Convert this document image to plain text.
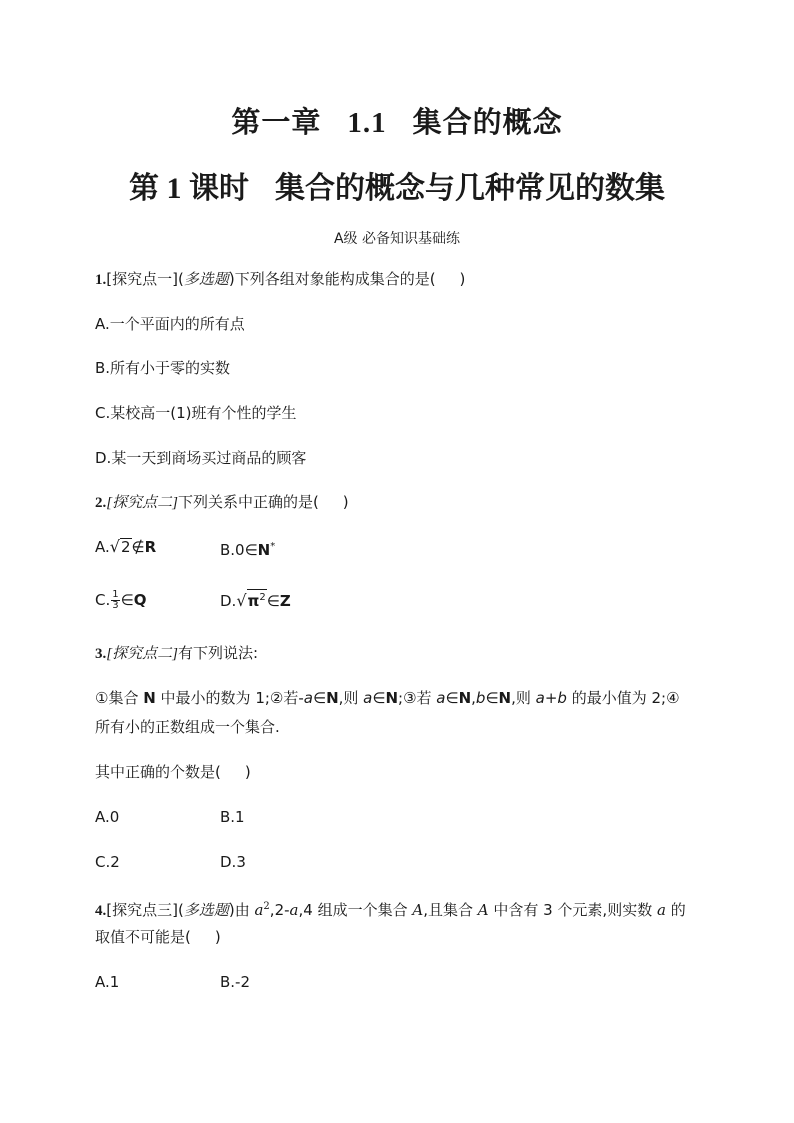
第一章 1.1 集合的概念
第 1 课时 集合的概念与几种常见的数集
A级 必备知识基础练
1.[探究点一](多选题)下列各组对象能构成集合的是( )
A.一个平面内的所有点
B.所有小于零的实数
C.某校高一(1)班有个性的学生
D.某一天到商场买过商品的顾客
2.[探究点二]下列关系中正确的是( )
A.√2∉R	B.0∈N*
C. $\frac{1}{3}$ ∈Q	$D.√\pi^2\in Z$
3.[探究点二]有下列说法:
①集合 N 中最小的数为 1;②若-a∈N,则 a∈N;③若 a∈N,b∈N,则 a+b 的最小值为 2;④
所有小的正数组成一个集合.
其中正确的个数是( )
A.0	B.1
C.2	D.3
4.[探究点三](多选题)由 $a^2,2-a,4$ 组成一个集合 A,且集合 A 中含有 3 个元素,则实数 a 的
取值不可能是( )
A.1	B.-2
